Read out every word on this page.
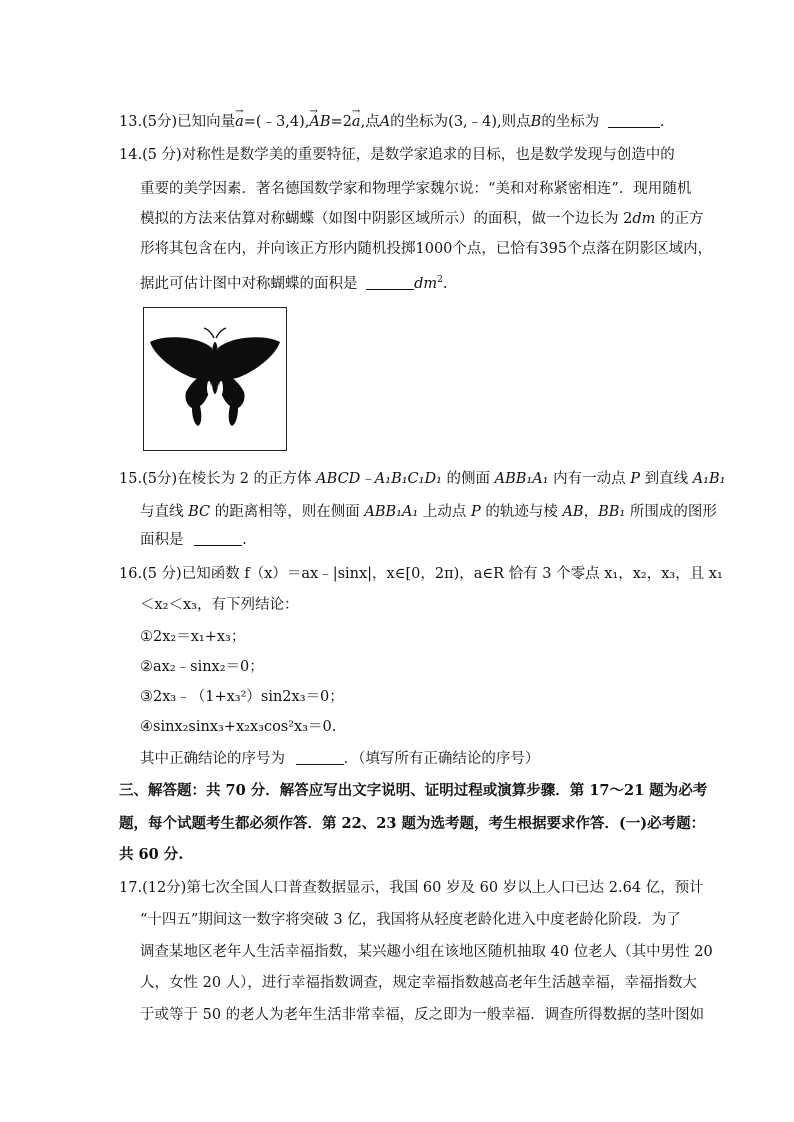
13.(5分)已知向量→ a=(﹣3,4),→ AB=2→ a,点A的坐标为(3,﹣4),则点B的坐标为	.
14.(5 分)对称性是数学美的重要特征，是数学家追求的目标，也是数学发现与创造中的
重要的美学因素．著名德国数学家和物理学家魏尔说：“美和对称紧密相连”．现用随机
模拟的方法来估算对称蝴蝶（如图中阴影区域所示）的面积，做一个边长为 2dm 的正方
形将其包含在内，并向该正方形内随机投掷1000个点，已恰有395个点落在阴影区域内，
据此可估计图中对称蝴蝶的面积是	$dm^2$.
15.(5分)在棱长为 2 的正方体 ABCD﹣A₁B₁C₁D₁ 的侧面 ABB₁A₁ 内有一动点 P 到直线 A₁B₁
与直线 BC 的距离相等，则在侧面 ABB₁A₁ 上动点 P 的轨迹与棱 AB，BB₁ 所围成的图形
面积是	.
16.(5 分)已知函数 f（x）＝ax﹣|sinx|，x∈[0，2π)，a∈R 恰有 3 个零点 x₁，x₂，x₃，且 x₁
＜x₂＜x₃，有下列结论：
①2x₂＝x₁+x₃；
②ax₂﹣sinx₂＝0；
③2x₃﹣（1+x₃²）sin2x₃＝0；
④sinx₂sinx₃+x₂x₃cos²x₃＝0.
其中正确结论的序号为	．（填写所有正确结论的序号）
三、解答题：共 70 分．解答应写出文字说明、证明过程或演算步骤．第 17～21 题为必考
题，每个试题考生都必须作答．第 22、23 题为选考题，考生根据要求作答．(一)必考题：
共 60 分.
17.(12分)第七次全国人口普查数据显示，我国 60 岁及 60 岁以上人口已达 2.64 亿，预计
“十四五”期间这一数字将突破 3 亿，我国将从轻度老龄化进入中度老龄化阶段．为了
调查某地区老年人生活幸福指数，某兴趣小组在该地区随机抽取 40 位老人（其中男性 20
人，女性 20 人），进行幸福指数调查，规定幸福指数越高老年生活越幸福，幸福指数大
于或等于 50 的老人为老年生活非常幸福，反之即为一般幸福．调查所得数据的茎叶图如
